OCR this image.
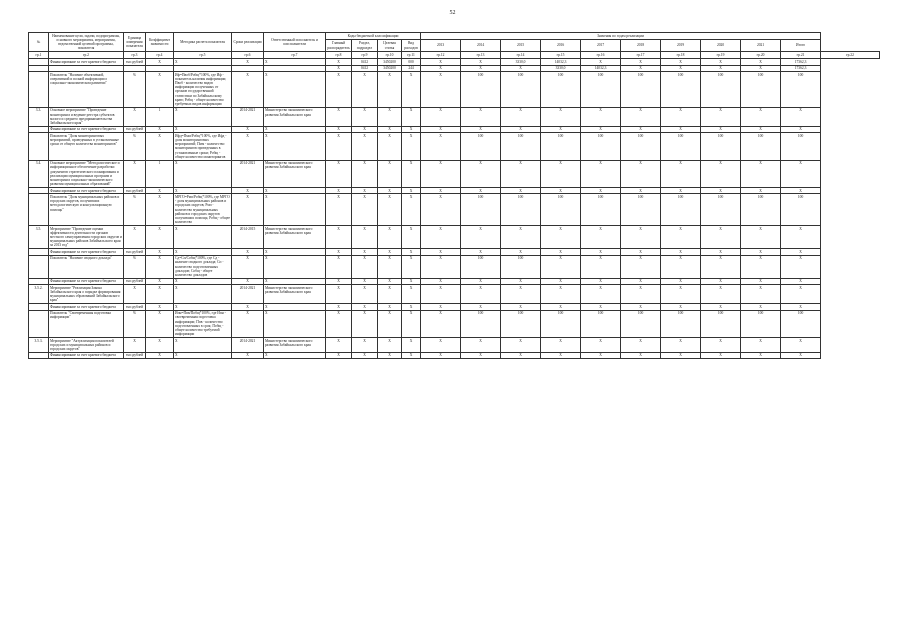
52
№	Наименование цели, задачи, подпрограммы, основного мероприятия, мероприятия, ведомственной целевой программы, показателя	Единица измерения показателя	Коэффициент значимости	Методика расчета показателя	Сроки реализации	Ответственный исполнитель и соисполнители	Коды бюджетной классификации				Значения по годам реализации										
							Главный распорядитель	Раздел, подраздел	Целевая статья	Вид расходов	2013	2014	2015	2016	2017	2018	2019	2020	2021	Итого	
гр.1	гр.2	гр.3	гр.4	гр.5	гр.6	гр.7	гр.8	гр.9	гр.10	гр.11	гр.12	гр.13	гр.14	гр.15	гр.16	гр.17	гр.18	гр.19	гр.20	гр.21	гр.22
	Финансирование за счет краевого бюджета	тыс.рублей	X	X	X	X	X	0412	3450200	000	X	X	3330,0	14032,3	X	X	X	X	X	17362,3	
							X	0412	3450200	244	X	X	X	3330,0	14032,3	X	X	X	X	17362,3	
	Показатель "Наличие объективной, оперативной и полной информации о социально-экономическом развитии"	%	X	Иф=Пвоб/Робщ*100%, где Иф - показатель наличия информации; Пвоб - количество видов информации полученных от органов государственной статистики по Забайкальскому краю; Робщ - общее количество требуемых видов информации	X	X	X	X	X	X	X	100	100	100	100	100	100	100	100	100	
3.3.	Основное мероприятие "Проведение мониторинга и ведение реестра субъектов малого и среднего предпринимательства Забайкальского края"	X	1	X	2014-2021	Министерство экономического развития Забайкальского края	X	X	X	X	X	X	X	X	X	X	X	X	X	X	
	Финансирование за счет краевого бюджета	тыс.рублей	X	X	X	X	X	X	X	X	X	X	X	X	X	X	X	X	X	X	
	Показатель "Доля мониторинговых мероприятий, проведенных в установленные сроки от общего количества мониторингов"	%	X	Ифд=Пмм/Робщ*100%, где Ифд - доля мониторинговых мероприятий; Пмм - количество мониторингов проведенных в установленные сроки; Робщ - общее количество мониторингов	X	X	X	X	X	X	X	100	100	100	100	100	100	100	100	100	
3.4.	Основное мероприятие "Методологическое и информационное обеспечение разработки документов стратегического планирования и реализации муниципальных программ и мониторинга социально-экономического развития муниципальных образований"	X	1	X	2014-2021	Министерство экономического развития Забайкальского края	X	X	X	X	X	X	X	X	X	X	X	X	X	X	
	Финансирование за счет краевого бюджета	тыс.рублей	X	X	X	X	X	X	X	X	X	X	X	X	X	X	X	X	X	X	
	Показатель "Доля муниципальных районов и городских округов, получивших методологическую и консультационную помощь"	%	X	МРГО=Рмп/Робщ*100%, где МРГО - доля муниципальных районов и городских округов; Рмп - количество муниципальных районов и городских округов получивших помощь; Робщ - общее количество	X	X	X	X	X	X	X	100	100	100	100	100	100	100	100	100	
3.5.	Мероприятие "Проведение оценки эффективности деятельности органов местного самоуправления городских округов и муниципальных районов Забайкальского края за 2013 год"	X	X	X	2014-2015	Министерство экономического развития Забайкальского края	X	X	X	X	X	X	X	X	X	X	X	X	X	X	
	Финансирование за счет краевого бюджета	тыс.рублей	X	X	X	X	X	X	X	X	X	X	X	X	X	X	X	X	X	X	
	Показатель "Наличие сводного доклада"	%	X	Сд=Сп/Собщ*100%, где Сд - наличие сводного доклада; Сп - количество подготовленных докладов; Собщ - общее количество докладов	X	X	X	X	X	X	X	100	100	X	X	X	X	X	X	X	
	Финансирование за счет краевого бюджета	тыс.рублей	X	X	X	X	X	X	X	X	X	X	X	X	X	X	X	X	X	X	
3.5.2.	Мероприятие "Реализация Закона Забайкальского края о порядке формирования муниципальных образований Забайкальского края"	X	X	X	2014-2021	Министерство экономического развития Забайкальского края	X	X	X	X	X	X	X	X	X	X	X	X	X	X	
	Финансирование за счет краевого бюджета	тыс.рублей	X	X	X	X	X	X	X	X	X	X	X	X	X	X	X	X	X	X	
	Показатель "Своевременная подготовка информации"	%	X	Ипн=Ппв/Побщ*100%, где Ипн - своевременная подготовка информации; Ппв - количество подготовленных в срок; Побщ - общее количество требуемой информации	X	X	X	X	X	X	X	100	100	100	100	100	100	100	100	100	
3.5.3.	Мероприятие "Актуализация показателей городских и муниципальных районов и городских округов"	X	X	X	2014-2021	Министерство экономического развития Забайкальского края	X	X	X	X	X	X	X	X	X	X	X	X	X	X	
	Финансирование за счет краевого бюджета	тыс.рублей	X	X	X	X	X	X	X	X	X	X	X	X	X	X	X	X	X	X	
